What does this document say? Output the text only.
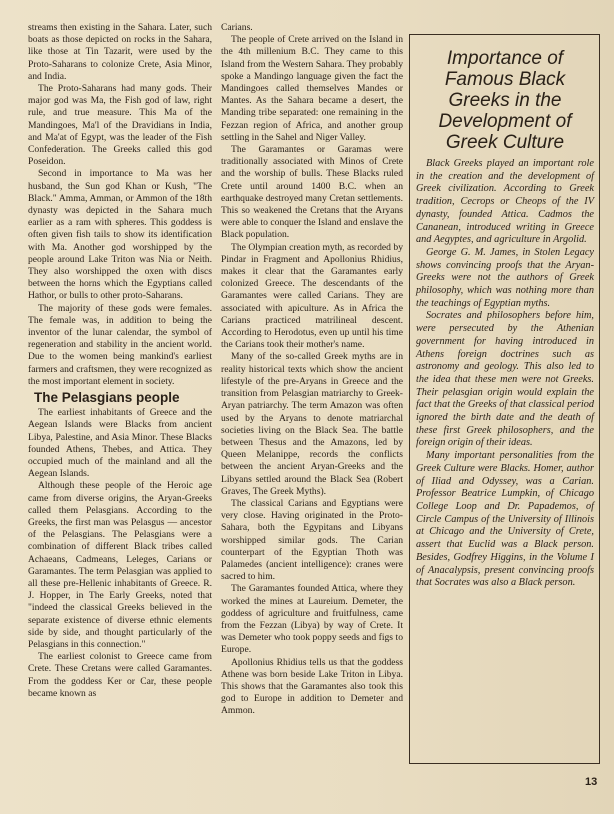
streams then existing in the Sahara. Later, such boats as those depicted on rocks in the Sahara, like those at Tin Tazarit, were used by the Proto-Saharans to colonize Crete, Asia Minor, and India.

The Proto-Saharans had many gods. Their major god was Ma, the Fish god of law, right rule, and true measure. This Ma of the Mandingoes, Ma'l of the Dravidians in India, and Ma'at of Egypt, was the leader of the Fish Confederation. The Greeks called this god Poseidon.

Second in importance to Ma was her husband, the Sun god Khan or Kush, "The Black." Amma, Amman, or Ammon of the 18th dynasty was depicted in the Sahara much earlier as a ram with spheres. This goddess is often given fish tails to show its identification with Ma. Another god worshipped by the people around Lake Triton was Nia or Neith. They also worshipped the oxen with discs between the horns which the Egyptians called Hathor, or bulls to other proto-Saharans.

The majority of these gods were females. The female was, in addition to being the inventor of the lunar calendar, the symbol of regeneration and stability in the ancient world. Due to the women being mankind's earliest farmers and craftsmen, they were recognized as the most important element in society.

The Pelasgians people

The earliest inhabitants of Greece and the Aegean Islands were Blacks from ancient Libya, Palestine, and Asia Minor. These Blacks founded Athens, Thebes, and Attica. They occupied much of the mainland and all the Aegean Islands.

Although these people of the Heroic age came from diverse origins, the Aryan-Greeks called them Pelasgians. According to the Greeks, the first man was Pelasgus — ancestor of the Pelasgians. The Pelasgians were a combination of different Black tribes called Achaeans, Cadmeans, Leleges, Carians or Garamantes. The term Pelasgian was applied to all these pre-Hellenic inhabitants of Greece. R. J. Hopper, in The Early Greeks, noted that "indeed the classical Greeks believed in the separate existence of diverse ethnic elements side by side, and thought particularly of the Pelasgians in this connection."

The earliest colonist to Greece came from Crete. These Cretans were called Garamantes. From the goddess Ker or Car, these people became known as

Carians.

The people of Crete arrived on the Island in the 4th millenium B.C. They came to this Island from the Western Sahara. They probably spoke a Mandingo language given the fact the Mandingoes called themselves Mandes or Mantes. As the Sahara became a desert, the Manding tribe separated: one remaining in the Fezzan region of Africa, and another group settling in the Sahel and Niger Valley.

The Garamantes or Garamas were traditionally associated with Minos of Crete and the worship of bulls. These Blacks ruled Crete until around 1400 B.C. when an earthquake destroyed many Cretan settlements. This so weakened the Cretans that the Aryans were able to conquer the Island and enslave the Black population.

The Olympian creation myth, as recorded by Pindar in Fragment and Apollonius Rhidius, makes it clear that the Garamantes early colonized Greece. The descendants of the Garamantes were called Carians. They are associated with apiculture. As in Africa the Carians practiced matrilineal descent. According to Herodotus, even up until his time the Carians took their mother's name.

Many of the so-called Greek myths are in reality historical texts which show the ancient lifestyle of the pre-Aryans in Greece and the transition from Pelasgian matriarchy to Greek-Aryan patriarchy. The term Amazon was often used by the Aryans to denote matriarchal societies living on the Black Sea. The battle between Thesus and the Amazons, led by Queen Melanippe, records the conflicts between the ancient Aryan-Greeks and the Libyans settled around the Black Sea (Robert Graves, The Greek Myths).

The classical Carians and Egyptians were very close. Having originated in the Proto-Sahara, both the Egypitans and Libyans worshipped similar gods. The Carian counterpart of the Egyptian Thoth was Palamedes (ancient intelligence): cranes were sacred to him.

The Garamantes founded Attica, where they worked the mines at Laureium. Demeter, the goddess of agriculture and fruitfulness, came from the Fezzan (Libya) by way of Crete. It was Demeter who took poppy seeds and figs to Europe.

Apollonius Rhidius tells us that the goddess Athene was born beside Lake Triton in Libya. This shows that the Garamantes also took this god to Europe in addition to Demeter and Ammon.

Importance of Famous Black Greeks in the Development of Greek Culture

Black Greeks played an important role in the creation and the development of Greek civilization. According to Greek tradition, Cecrops or Cheops of the IV dynasty, founded Attica. Cadmos the Cananean, introduced writing in Greece and Aegyptes, and agriculture in Argolid.

George G. M. James, in Stolen Legacy shows convincing proofs that the Aryan-Greeks were not the authors of Greek philosophy, which was nothing more than the teachings of Egyptian myths.

Socrates and philosophers before him, were persecuted by the Athenian government for having introduced in Athens foreign doctrines such as astronomy and geology. This also led to the idea that these men were not Greeks. Their pelasgian origin would explain the fact that the Greeks of that classical period ignored the birth date and the death of these first Greek philosophers, and the foreign origin of their ideas.

Many important personalities from the Greek Culture were Blacks. Homer, author of Iliad and Odyssey, was a Carian. Professor Beatrice Lumpkin, of Chicago College Loop and Dr. Papademos, of Circle Campus of the University of Illinois at Chicago and the University of Crete, assert that Euclid was a Black person. Besides, Godfrey Higgins, in the Volume I of Anacalypsis, present convincing proofs that Socrates was also a Black person.

13
